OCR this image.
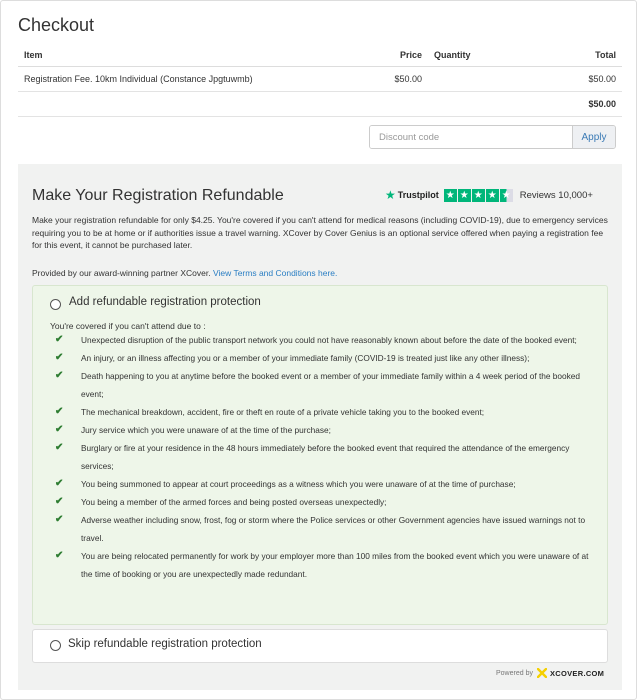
Checkout
Item	Price	Quantity	Total
Registration Fee. 10km Individual (Constance Jpgtuwmb)	$50.00		$50.00
			$50.00
Discount code
Apply
Make Your Registration Refundable	★ Trustpilot ★ ★ ★ ★ ★ Reviews 10,000+

Make your registration refundable for only $4.25. You're covered if you can't attend for medical reasons (including COVID-19), due to emergency services requiring you to be at home or if authorities issue a travel warning. XCover by Cover Genius is an optional service offered when paying a registration fee for this event, it cannot be purchased later.

Provided by our award-winning partner XCover. View Terms and Conditions here.

Add refundable registration protection

You're covered if you can't attend due to :

✔ Unexpected disruption of the public transport network you could not have reasonably known about before the date of the booked event;
✔ An injury, or an illness affecting you or a member of your immediate family (COVID-19 is treated just like any other illness);
✔ Death happening to you at anytime before the booked event or a member of your immediate family within a 4 week period of the booked event;
✔ The mechanical breakdown, accident, fire or theft en route of a private vehicle taking you to the booked event;
✔ Jury service which you were unaware of at the time of the purchase;
✔ Burglary or fire at your residence in the 48 hours immediately before the booked event that required the attendance of the emergency services;
✔ You being summoned to appear at court proceedings as a witness which you were unaware of at the time of purchase;
✔ You being a member of the armed forces and being posted overseas unexpectedly;
✔ Adverse weather including snow, frost, fog or storm where the Police services or other Government agencies have issued warnings not to travel.
✔ You are being relocated permanently for work by your employer more than 100 miles from the booked event which you were unaware of at the time of booking or you are unexpectedly made redundant.
Skip refundable registration protection
Powered by XCOVER.COM
